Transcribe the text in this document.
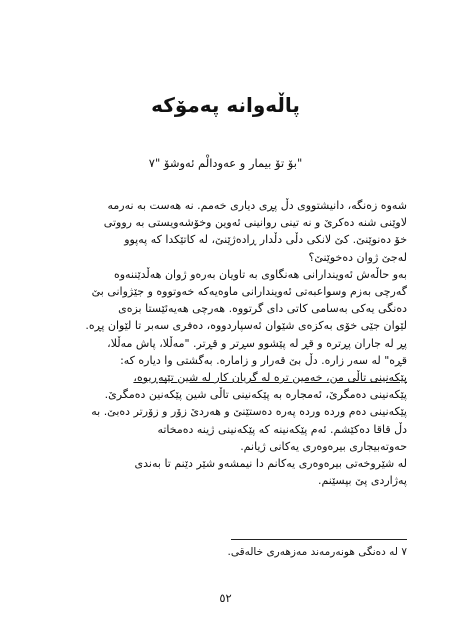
پاڵەوانە پەمۆکە
"بۆ تۆ بیمار و عەودالْم ئەوشۆ "٧
شەوە زەنگە، دانیشتووی دڵ پڕی دیاری خەمم. نە هەست بە نەرمە
لاوێنی شنە دەکرێ و نە تینی روانینی ئەوین وخۆشەویستی بە رووتی
خۆ دەنوێنێ. کێ لانکی دڵی دڵدار ڕادەژێنێ، لە کاتێکدا کە پەپوو
لەجێ ژوان دەخوێنێ؟
بەو حاڵەش ئەویندارانی هەنگاوی بە تاویان بەرەو ژوان هەڵدێننەوە
گەرچی بەزم وسواعبەتی ئەویندارانی ماوەیەکە خەوتووە و جێژوانی بێ
دەنگی یەکی بەسامی کاتی دای گرتووە. هەرچی هەیەئێستا بزەی
لێوان جێی خۆی بەکزەی شێوان ئەسپاردووە، دەفری سەبر تا لێوان پڕە.
پڕ لە جاران پڕترە و قڕ لە پێشوو سڕتر و قڕتر. "مەڵلا، پاش مەڵلا،
قڕە" لە سەر زارە. دڵ بێ قەرار و زامارە. بەگشتی وا دیارە کە:
پێکەنینی تاڵی من، خەمین ترە لە گریان کار لە شین تێپەڕیوە،
پێکەنینی دەمگرێ، ئەمجارە بە پێکەنینی تاڵی شین پێکەنین دەمگرێ.
پێکەنینی دەم وردە وردە پەرە دەستێنێ و هەردێ زۆر و زۆرتر دەبێ. بە
دڵ قاقا دەکێشم. ئەم پێکەنینە کە پێکەنینی ژینە دەمخاتە
حەوتەبیجاری بیرەوەری یەکانی ژیانم.
لە شێروخەتی بیرەوەری یەکانم دا نیمشەو شێر دێنم تا بەندی
پەژاردی پێ بپسێنم.
٧ لە دەنگی هونەرمەند مەزهەری خالەقی.
٥٢
